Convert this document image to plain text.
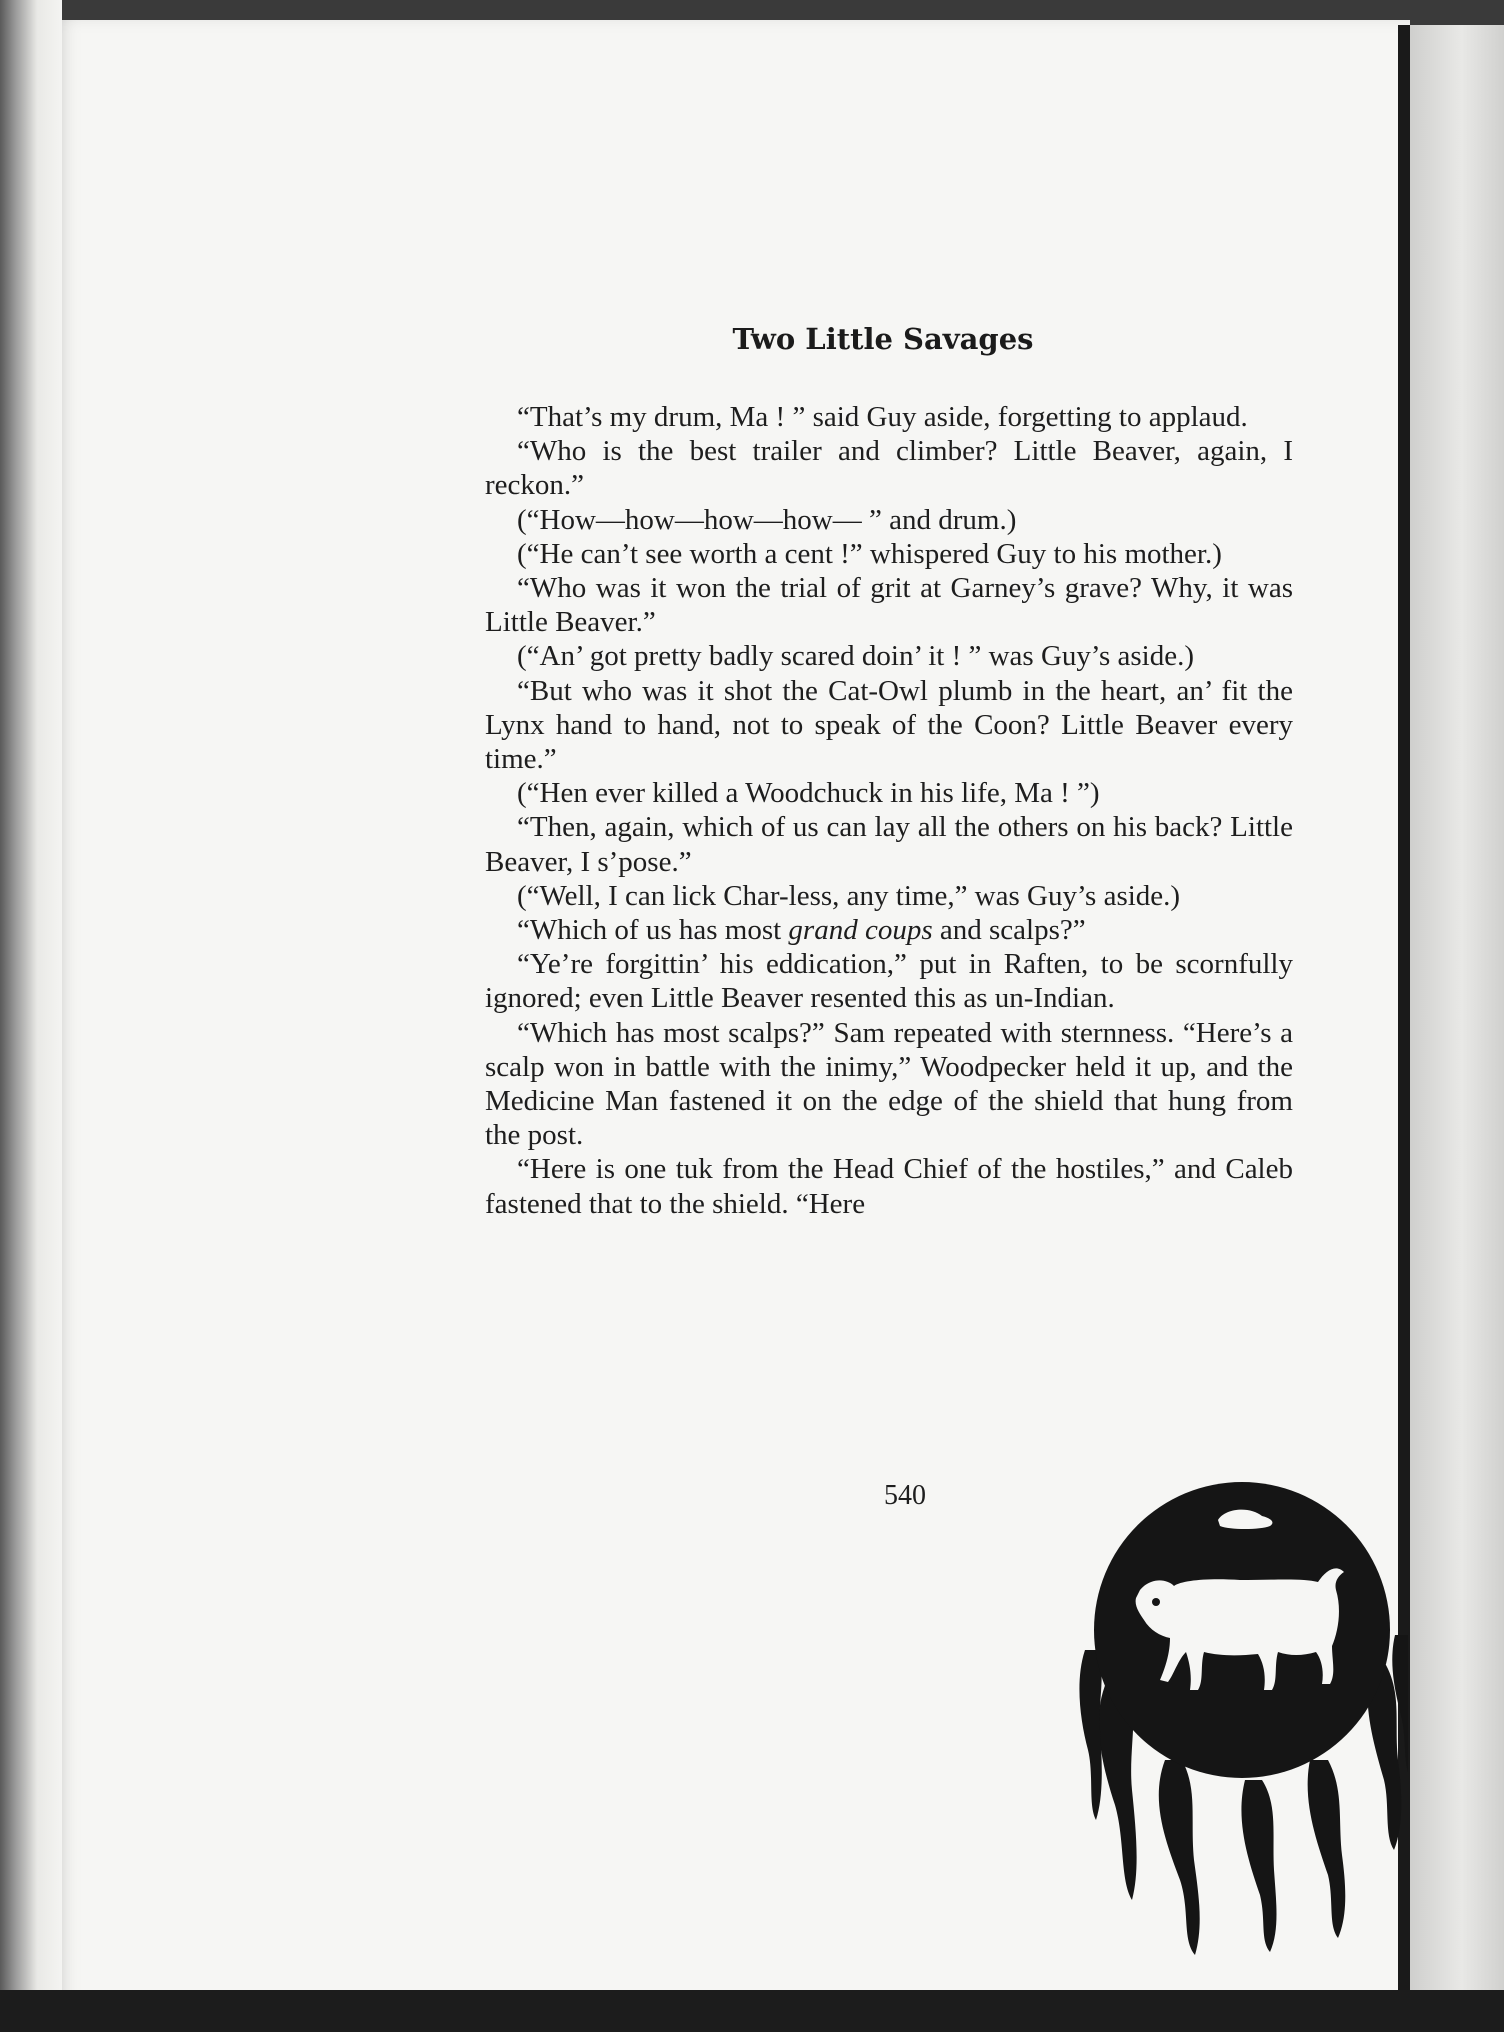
Two Little Savages

“That’s my drum, Ma ! ” said Guy aside, forgetting to applaud.

“Who is the best trailer and climber? Little Beaver, again, I reckon.”

(“How—how—how—how— ” and drum.)

(“He can’t see worth a cent !” whispered Guy to his mother.)

“Who was it won the trial of grit at Garney’s grave? Why, it was Little Beaver.”

(“An’ got pretty badly scared doin’ it ! ” was Guy’s aside.)

“But who was it shot the Cat-Owl plumb in the heart, an’ fit the Lynx hand to hand, not to speak of the Coon? Little Beaver every time.”

(“Hen ever killed a Woodchuck in his life, Ma ! ”)

“Then, again, which of us can lay all the others on his back? Little Beaver, I s’pose.”

(“Well, I can lick Char-less, any time,” was Guy’s aside.)

“Which of us has most grand coups and scalps?”

“Ye’re forgittin’ his eddication,” put in Raften, to be scornfully ignored; even Little Beaver resented this as un-Indian.

“Which has most scalps?” Sam repeated with sternness. “Here’s a scalp won in battle with the inimy,” Woodpecker held it up, and the Medicine Man fastened it on the edge of the shield that hung from the post.

“Here is one tuk from the Head Chief of the hostiles,” and Caleb fastened that to the shield. “Here

540
